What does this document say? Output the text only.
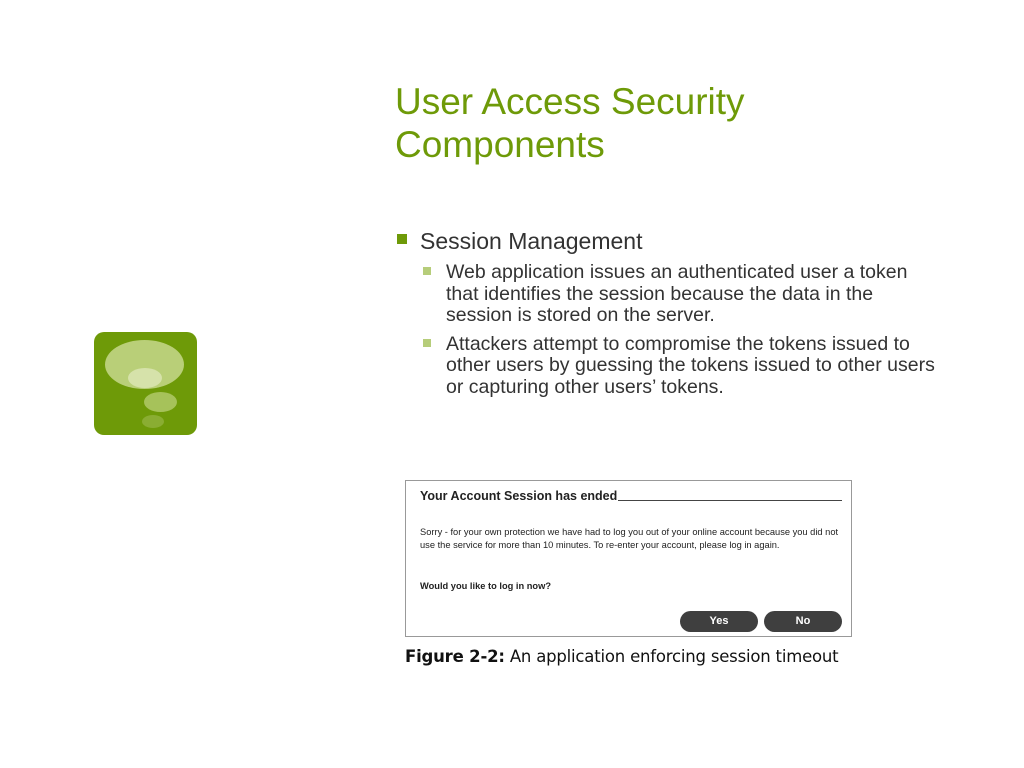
User Access Security
Components
Session Management
Web application issues an authenticated user a token that identifies the session because the data in the session is stored on the server.
Attackers attempt to compromise the tokens issued to other users by guessing the tokens issued to other users or capturing other users’ tokens.
Your Account Session has ended
Sorry - for your own protection we have had to log you out of your online account because you did not use the service for more than 10 minutes. To re-enter your account, please log in again.
Would you like to log in now?
Yes	No
Figure 2-2: An application enforcing session timeout
